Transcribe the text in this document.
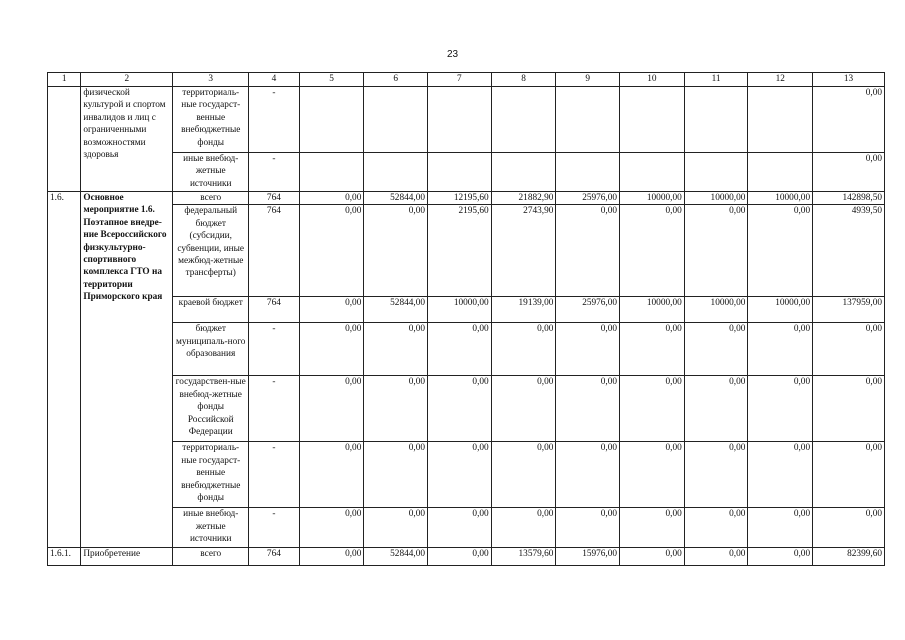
23
1	2	3	4	5	6	7	8	9	10	11	12	13
	физической культурой и спортом инвалидов и лиц с ограниченными возможностями здоровья	территориаль-ные государст-венные внебюджетные фонды	-									0,00
		иные внебюд-жетные источники	-									0,00
1.6.	Основное мероприятие 1.6. Поэтапное внедре-ние Всероссийского физкультурно-спортивного комплекса ГТО на территории Приморского края	всего	764	0,00	52844,00	12195,60	21882,90	25976,00	10000,00	10000,00	10000,00	142898,50
		федеральный бюджет (субсидии, субвенции, иные межбюд-жетные трансферты)	764	0,00	0,00	2195,60	2743,90	0,00	0,00	0,00	0,00	4939,50
		краевой бюджет	764	0,00	52844,00	10000,00	19139,00	25976,00	10000,00	10000,00	10000,00	137959,00
		бюджет муниципаль-ного образования	-	0,00	0,00	0,00	0,00	0,00	0,00	0,00	0,00	0,00
		государствен-ные внебюд-жетные фонды Российской Федерации	-	0,00	0,00	0,00	0,00	0,00	0,00	0,00	0,00	0,00
		территориаль-ные государст-венные внебюджетные фонды	-	0,00	0,00	0,00	0,00	0,00	0,00	0,00	0,00	0,00
		иные внебюд-жетные источники	-	0,00	0,00	0,00	0,00	0,00	0,00	0,00	0,00	0,00
1.6.1.	Приобретение	всего	764	0,00	52844,00	0,00	13579,60	15976,00	0,00	0,00	0,00	82399,60
